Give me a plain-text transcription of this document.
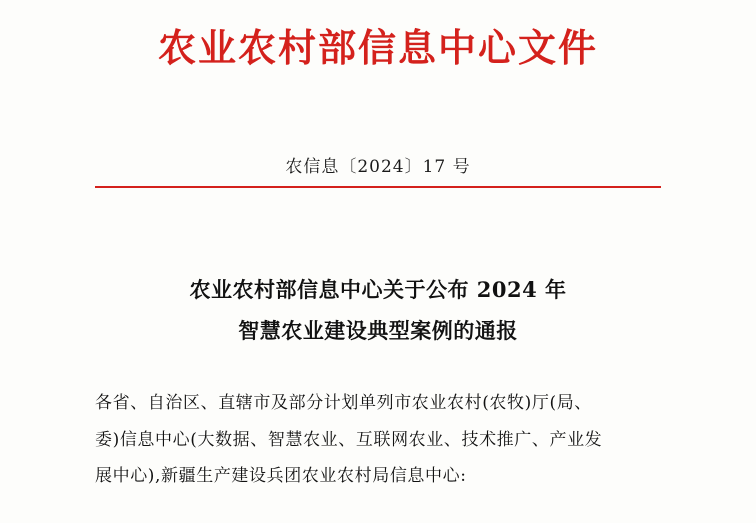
农业农村部信息中心文件
农信息〔2024〕17 号
农业农村部信息中心关于公布 2024 年
智慧农业建设典型案例的通报
各省、自治区、直辖市及部分计划单列市农业农村(农牧)厅(局、
委)信息中心(大数据、智慧农业、互联网农业、技术推广、产业发
展中心),新疆生产建设兵团农业农村局信息中心:
